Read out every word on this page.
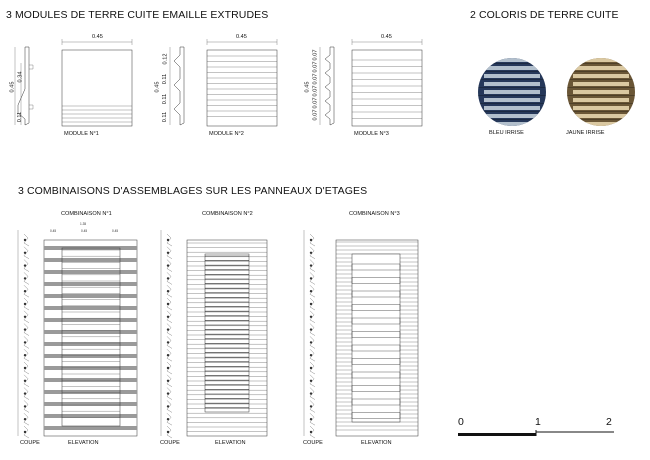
3 MODULES DE TERRE CUITE EMAILLE EXTRUDES	2 COLORIS DE TERRE CUITE
3 COMBINAISONS D'ASSEMBLAGES SUR LES PANNEAUX D'ETAGES
0.45
0.34
0.11
0.45
MODULE N°1
0.45
0.12
0.11
0.11
0.11
0.45
MODULE N°2
0.45
0.07
0.07
0.07
0.07
0.07
0.07
0.45
MODULE N°3	BLEU IRRISE	JAUNE IRRISE
COMBINAISON N°1	COMBINAISON N°2	COMBINAISON N°3
1.35
0.45	0.45	0.45
COUPE	ELEVATION	COUPE	ELEVATION	COUPE	ELEVATION
0	1	2
